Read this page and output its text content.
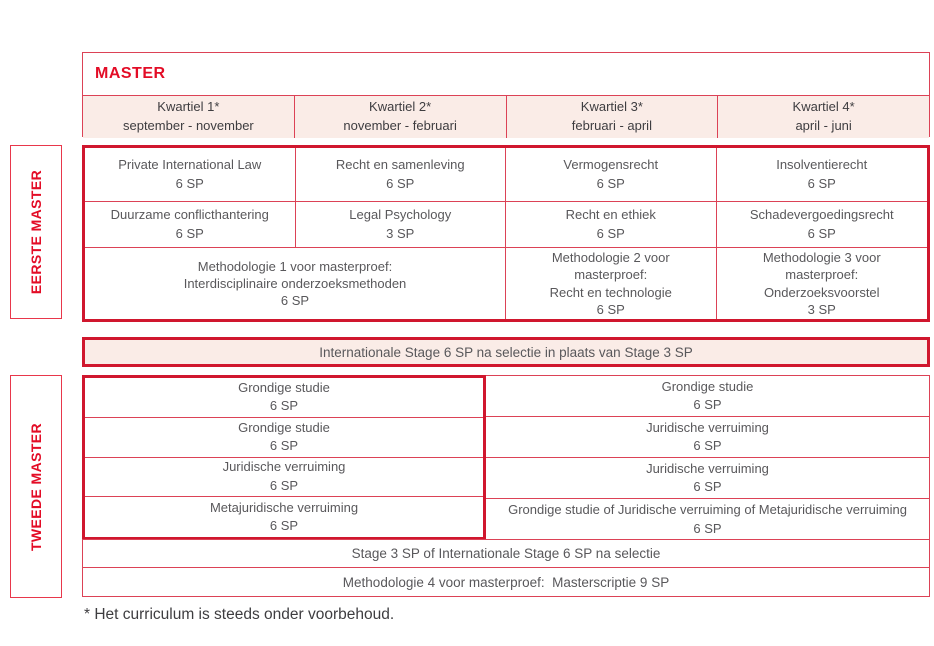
EERSTE MASTER
TWEEDE MASTER
MASTER
Kwartiel 1*
september - november
Kwartiel 2*
november - februari
Kwartiel 3*
februari - april
Kwartiel 4*
april - juni
Private International Law
6 SP
Recht en samenleving
6 SP
Vermogensrecht
6 SP
Insolventierecht
6 SP
Duurzame conflicthantering
6 SP
Legal Psychology
3 SP
Recht en ethiek
6 SP
Schadevergoedingsrecht
6 SP
Methodologie 1 voor masterproef:
Interdisciplinaire onderzoeksmethoden
6 SP
Methodologie 2 voor masterproef:
Recht en technologie
6 SP
Methodologie 3 voor masterproef:
Onderzoeksvoorstel
3 SP
Internationale Stage 6 SP na selectie in plaats van Stage 3 SP
Grondige studie
6 SP
Grondige studie
6 SP
Juridische verruiming
6 SP
Metajuridische verruiming
6 SP
Grondige studie
6 SP
Juridische verruiming
6 SP
Juridische verruiming
6 SP
Grondige studie of Juridische verruiming of Metajuridische verruiming
6 SP
Stage 3 SP of Internationale Stage 6 SP na selectie
Methodologie 4 voor masterproef:  Masterscriptie 9 SP
* Het curriculum is steeds onder voorbehoud.
